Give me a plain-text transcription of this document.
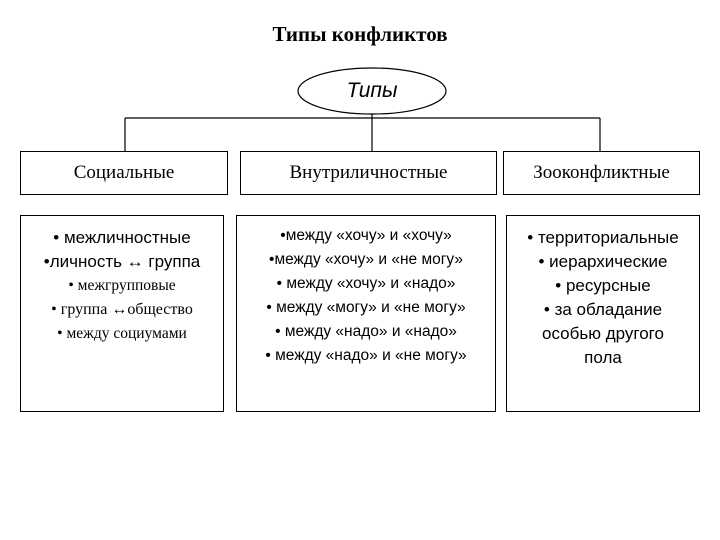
Типы конфликтов
Типы
Социальные	Внутриличностные	Зооконфликтные
• межличностные
•личность ↔ группа
• межгрупповые
• группа ↔общество
• между социумами
•между «хочу» и «хочу»
•между «хочу» и «не могу»
• между «хочу» и «надо»
• между «могу» и «не могу»
• между «надо» и «надо»
• между «надо» и «не могу»
• территориальные
• иерархические
• ресурсные
• за обладание
особью другого
пола
